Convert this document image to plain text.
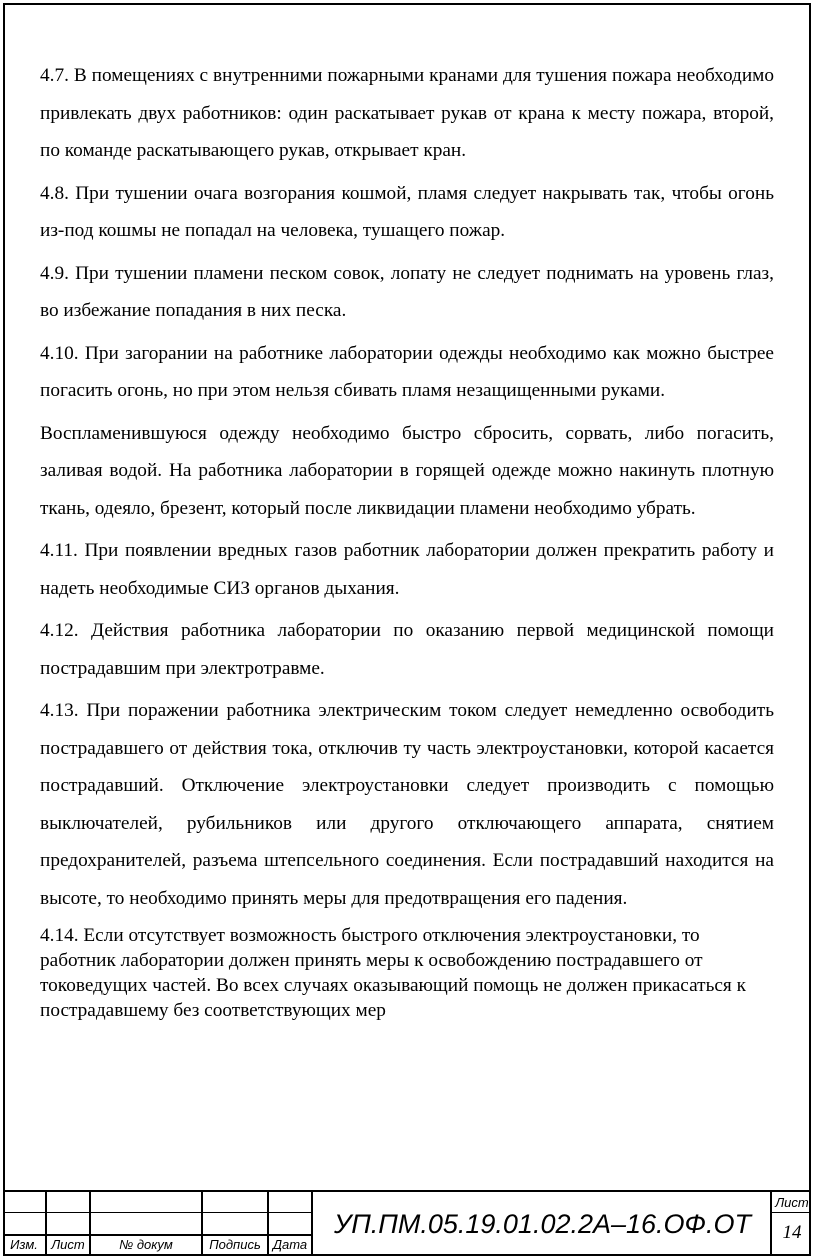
4.7. В помещениях с внутренними пожарными кранами для тушения пожара необходимо привлекать двух работников: один раскатывает рукав от крана к месту пожара, второй, по команде раскатывающего рукав, открывает кран.

4.8. При тушении очага возгорания кошмой, пламя следует накрывать так, чтобы огонь из-под кошмы не попадал на человека, тушащего пожар.

4.9. При тушении пламени песком совок, лопату не следует поднимать на уровень глаз, во избежание попадания в них песка.

4.10. При загорании на работнике лаборатории одежды необходимо как можно быстрее погасить огонь, но при этом нельзя сбивать пламя незащищенными руками.

Воспламенившуюся одежду необходимо быстро сбросить, сорвать, либо погасить, заливая водой. На работника лаборатории в горящей одежде можно накинуть плотную ткань, одеяло, брезент, который после ликвидации пламени необходимо убрать.

4.11. При появлении вредных газов работник лаборатории должен прекратить работу и надеть необходимые СИЗ органов дыхания.

4.12. Действия работника лаборатории по оказанию первой медицинской помощи пострадавшим при электротравме.

4.13. При поражении работника электрическим током следует немедленно освободить пострадавшего от действия тока, отключив ту часть электроустановки, которой касается пострадавший. Отключение электроустановки следует производить с помощью выключателей, рубильников или другого отключающего аппарата, снятием предохранителей, разъема штепсельного соединения. Если пострадавший находится на высоте, то необходимо принять меры для предотвращения его падения.

4.14. Если отсутствует возможность быстрого отключения электроустановки, то работник лаборатории должен принять меры к освобождению пострадавшего от токоведущих частей. Во всех случаях оказывающий помощь не должен прикасаться к пострадавшему без соответствующих мер

Изм.	Лист	№ докум	Подпись Дата
УП.ПМ.05.19.01.02.2А–16.ОФ.ОТ
Лист
14
